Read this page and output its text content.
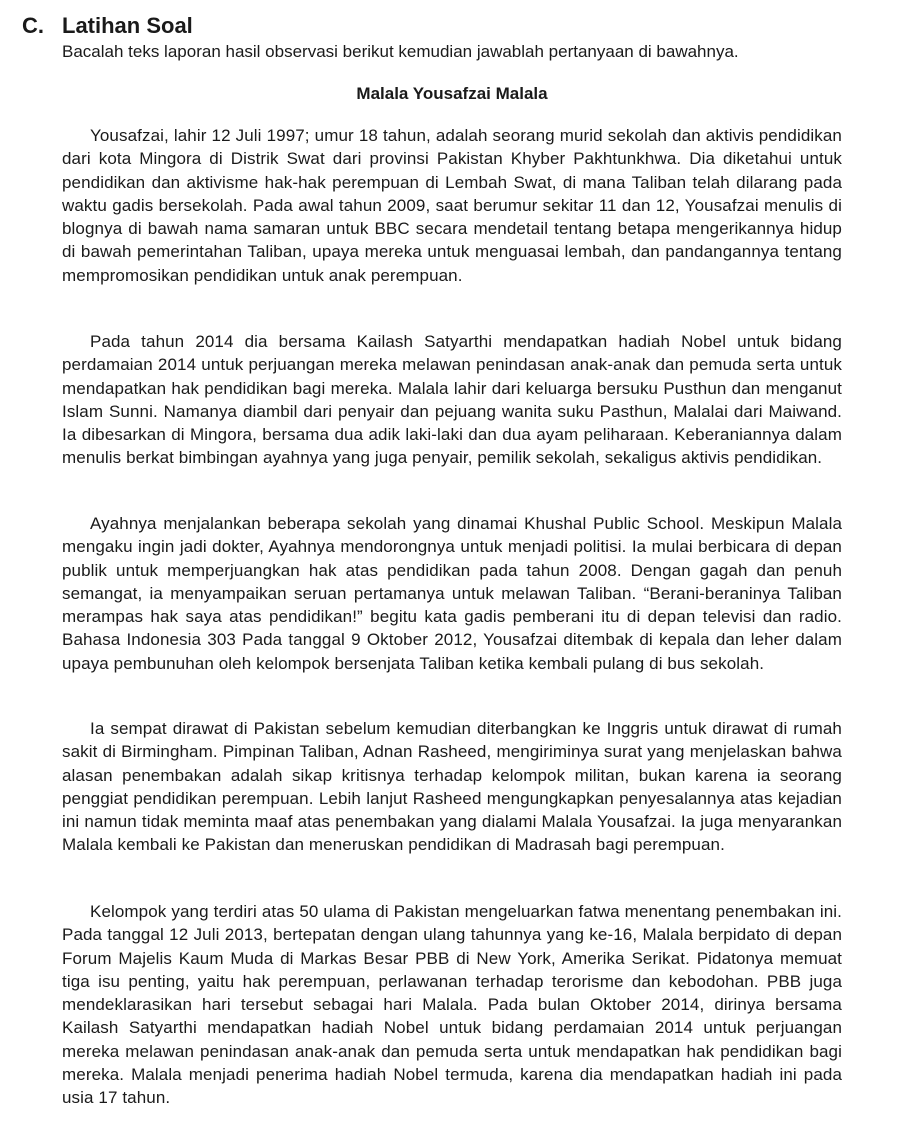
C. Latihan Soal
Bacalah teks laporan hasil observasi berikut kemudian jawablah pertanyaan di bawahnya.
Malala Yousafzai Malala

Yousafzai, lahir 12 Juli 1997; umur 18 tahun, adalah seorang murid sekolah dan aktivis pendidikan dari kota Mingora di Distrik Swat dari provinsi Pakistan Khyber Pakhtunkhwa. Dia diketahui untuk pendidikan dan aktivisme hak-hak perempuan di Lembah Swat, di mana Taliban telah dilarang pada waktu gadis bersekolah. Pada awal tahun 2009, saat berumur sekitar 11 dan 12, Yousafzai menulis di blognya di bawah nama samaran untuk BBC secara mendetail tentang betapa mengerikannya hidup di bawah pemerintahan Taliban, upaya mereka untuk menguasai lembah, dan pandangannya tentang mempromosikan pendidikan untuk anak perempuan.

Pada tahun 2014 dia bersama Kailash Satyarthi mendapatkan hadiah Nobel untuk bidang perdamaian 2014 untuk perjuangan mereka melawan penindasan anak-anak dan pemuda serta untuk mendapatkan hak pendidikan bagi mereka. Malala lahir dari keluarga bersuku Pusthun dan menganut Islam Sunni. Namanya diambil dari penyair dan pejuang wanita suku Pasthun, Malalai dari Maiwand. Ia dibesarkan di Mingora, bersama dua adik laki-laki dan dua ayam peliharaan. Keberaniannya dalam menulis berkat bimbingan ayahnya yang juga penyair, pemilik sekolah, sekaligus aktivis pendidikan.

Ayahnya menjalankan beberapa sekolah yang dinamai Khushal Public School. Meskipun Malala mengaku ingin jadi dokter, Ayahnya mendorongnya untuk menjadi politisi. Ia mulai berbicara di depan publik untuk memperjuangkan hak atas pendidikan pada tahun 2008. Dengan gagah dan penuh semangat, ia menyampaikan seruan pertamanya untuk melawan Taliban. “Berani-beraninya Taliban merampas hak saya atas pendidikan!” begitu kata gadis pemberani itu di depan televisi dan radio. Bahasa Indonesia 303 Pada tanggal 9 Oktober 2012, Yousafzai ditembak di kepala dan leher dalam upaya pembunuhan oleh kelompok bersenjata Taliban ketika kembali pulang di bus sekolah.

Ia sempat dirawat di Pakistan sebelum kemudian diterbangkan ke Inggris untuk dirawat di rumah sakit di Birmingham. Pimpinan Taliban, Adnan Rasheed, mengiriminya surat yang menjelaskan bahwa alasan penembakan adalah sikap kritisnya terhadap kelompok militan, bukan karena ia seorang penggiat pendidikan perempuan. Lebih lanjut Rasheed mengungkapkan penyesalannya atas kejadian ini namun tidak meminta maaf atas penembakan yang dialami Malala Yousafzai. Ia juga menyarankan Malala kembali ke Pakistan dan meneruskan pendidikan di Madrasah bagi perempuan.

Kelompok yang terdiri atas 50 ulama di Pakistan mengeluarkan fatwa menentang penembakan ini. Pada tanggal 12 Juli 2013, bertepatan dengan ulang tahunnya yang ke-16, Malala berpidato di depan Forum Majelis Kaum Muda di Markas Besar PBB di New York, Amerika Serikat. Pidatonya memuat tiga isu penting, yaitu hak perempuan, perlawanan terhadap terorisme dan kebodohan. PBB juga mendeklarasikan hari tersebut sebagai hari Malala. Pada bulan Oktober 2014, dirinya bersama Kailash Satyarthi mendapatkan hadiah Nobel untuk bidang perdamaian 2014 untuk perjuangan mereka melawan penindasan anak-anak dan pemuda serta untuk mendapatkan hak pendidikan bagi mereka. Malala menjadi penerima hadiah Nobel termuda, karena dia mendapatkan hadiah ini pada usia 17 tahun.
